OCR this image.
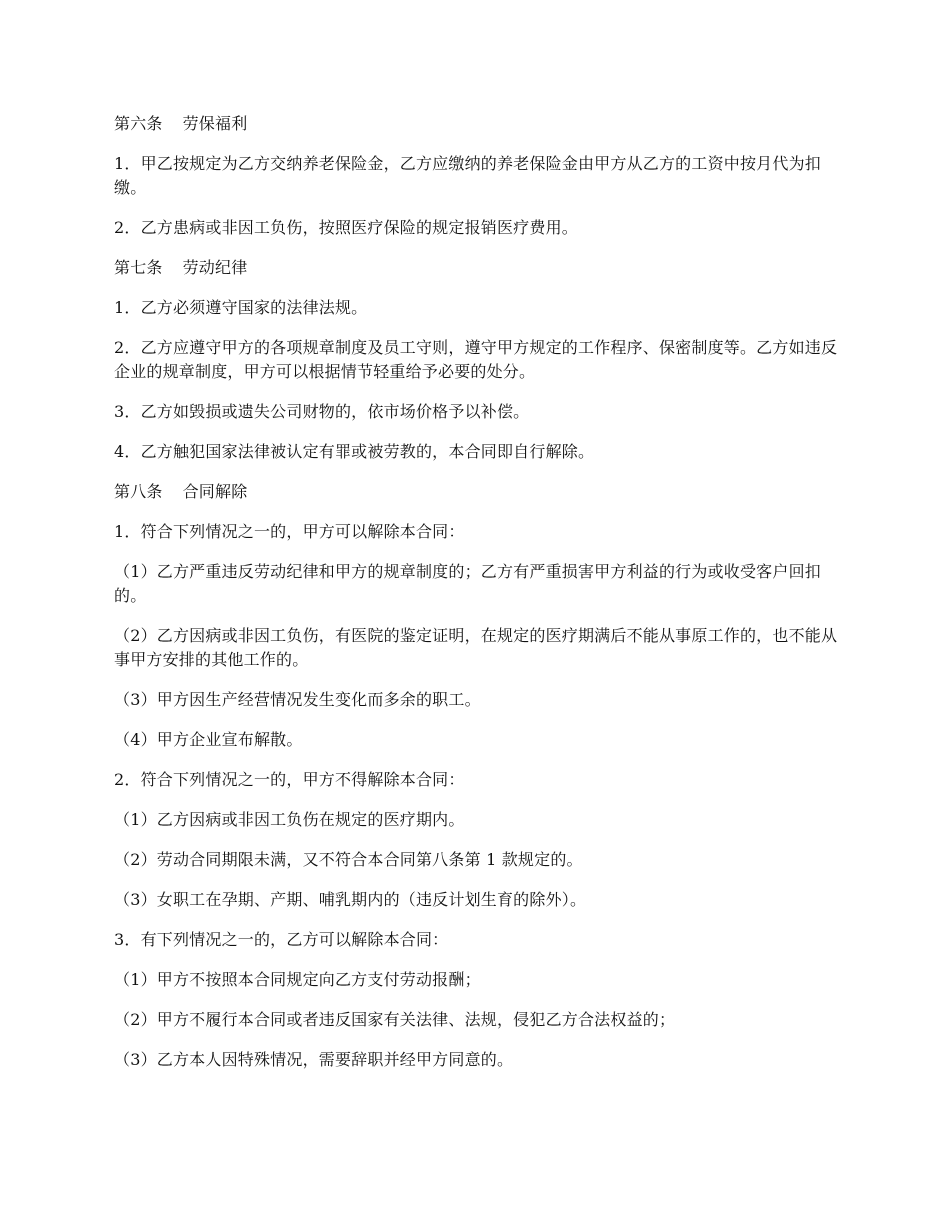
第六条 劳保福利

1．甲乙按规定为乙方交纳养老保险金，乙方应缴纳的养老保险金由甲方从乙方的工资中按月代为扣缴。

2．乙方患病或非因工负伤，按照医疗保险的规定报销医疗费用。

第七条 劳动纪律

1．乙方必须遵守国家的法律法规。

2．乙方应遵守甲方的各项规章制度及员工守则，遵守甲方规定的工作程序、保密制度等。乙方如违反企业的规章制度，甲方可以根据情节轻重给予必要的处分。

3．乙方如毁损或遗失公司财物的，依市场价格予以补偿。

4．乙方触犯国家法律被认定有罪或被劳教的，本合同即自行解除。

第八条 合同解除

1．符合下列情况之一的，甲方可以解除本合同：

（1）乙方严重违反劳动纪律和甲方的规章制度的；乙方有严重损害甲方利益的行为或收受客户回扣的。

（2）乙方因病或非因工负伤，有医院的鉴定证明，在规定的医疗期满后不能从事原工作的，也不能从事甲方安排的其他工作的。

（3）甲方因生产经营情况发生变化而多余的职工。

（4）甲方企业宣布解散。

2．符合下列情况之一的，甲方不得解除本合同：

（1）乙方因病或非因工负伤在规定的医疗期内。

（2）劳动合同期限未满，又不符合本合同第八条第 1 款规定的。

（3）女职工在孕期、产期、哺乳期内的（违反计划生育的除外）。

3．有下列情况之一的，乙方可以解除本合同：

（1）甲方不按照本合同规定向乙方支付劳动报酬；

（2）甲方不履行本合同或者违反国家有关法律、法规，侵犯乙方合法权益的；

（3）乙方本人因特殊情况，需要辞职并经甲方同意的。
